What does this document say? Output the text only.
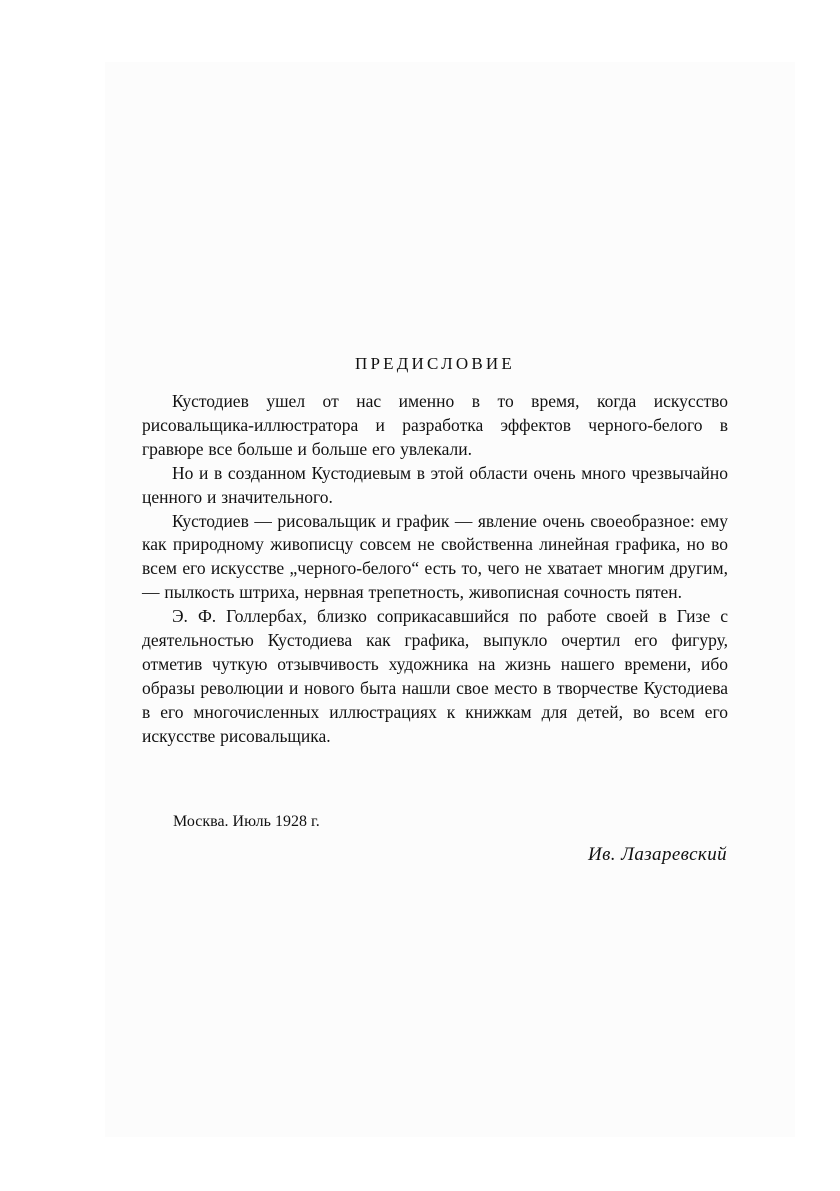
ПРЕДИСЛОВИЕ

Кустодиев ушел от нас именно в то время, когда искусство рисовальщика-иллюстратора и разработка эффектов черного-белого в гравюре все больше и больше его увлекали.

Но и в созданном Кустодиевым в этой области очень много чрезвычайно ценного и значительного.

Кустодиев — рисовальщик и график — явление очень своеобразное: ему как природному живописцу совсем не свойственна линейная графика, но во всем его искусстве „черного-белого“ есть то, чего не хватает многим другим, — пылкость штриха, нервная трепетность, живописная сочность пятен.

Э. Ф. Голлербах, близко соприкасавшийся по работе своей в Гизе с деятельностью Кустодиева как графика, выпукло очертил его фигуру, отметив чуткую отзывчивость художника на жизнь нашего времени, ибо образы революции и нового быта нашли свое место в творчестве Кустодиева в его многочисленных иллюстрациях к книжкам для детей, во всем его искусстве рисовальщика.

Москва. Июль 1928 г.
Ив. Лазаревский
